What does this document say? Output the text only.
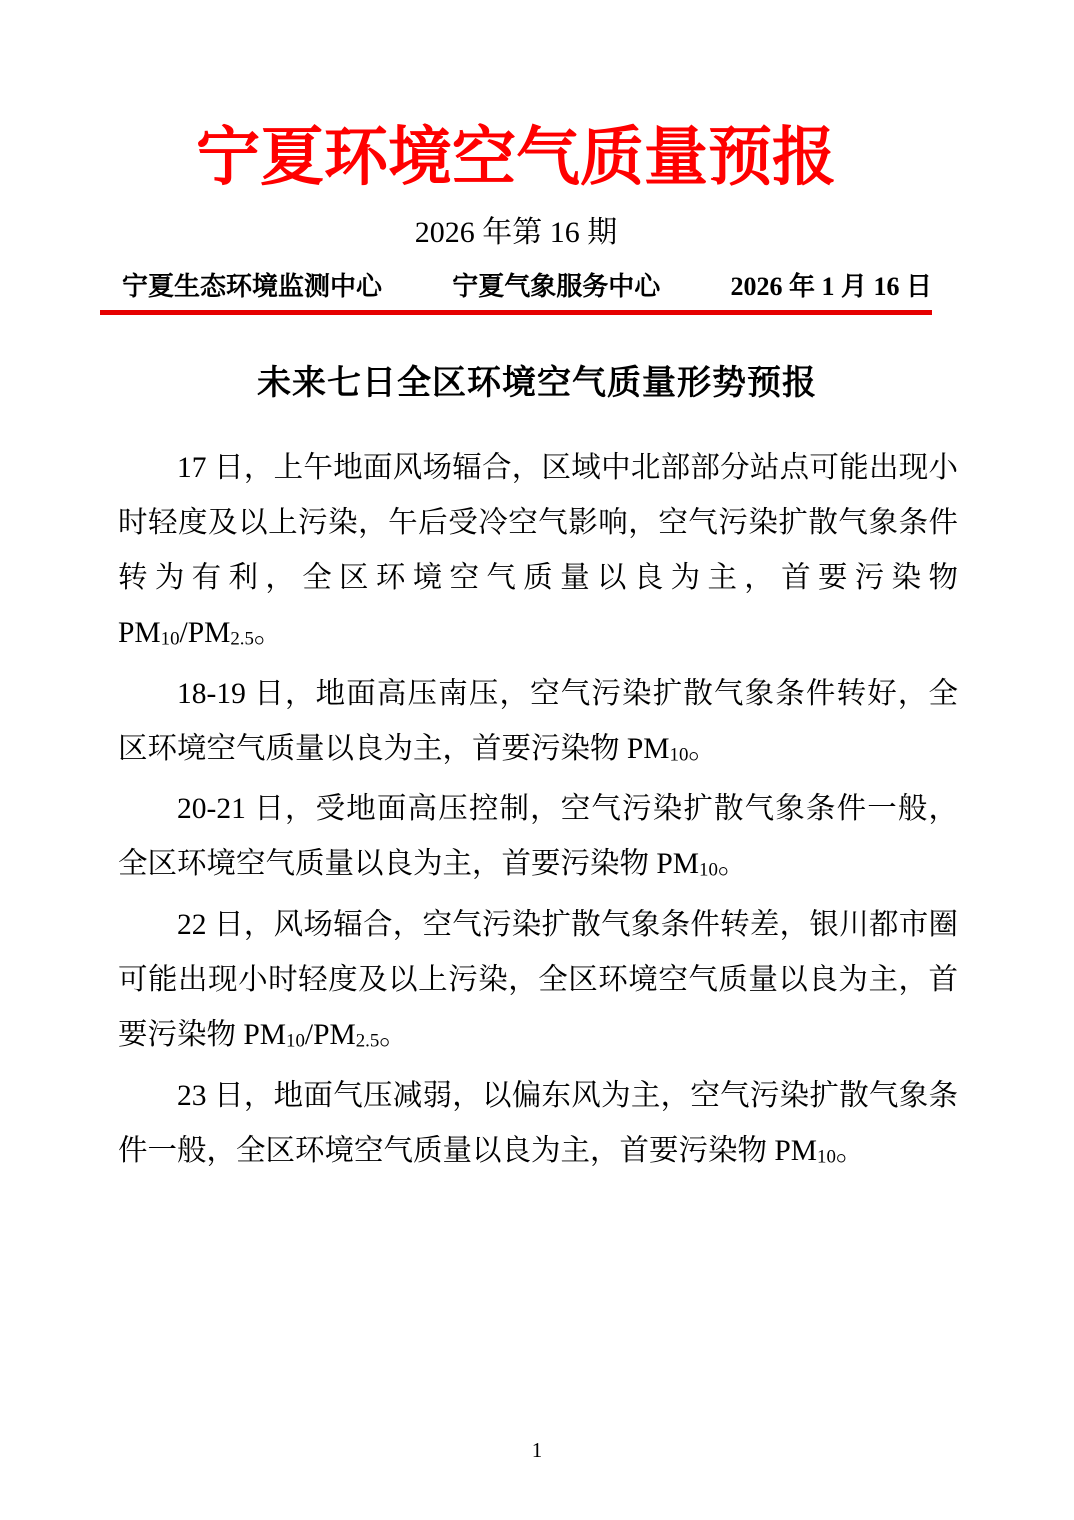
宁夏环境空气质量预报
2026 年第 16 期
宁夏生态环境监测中心	宁夏气象服务中心	2026 年 1 月 16 日
未来七日全区环境空气质量形势预报

17 日，上午地面风场辐合，区域中北部部分站点可能出现小时轻度及以上污染，午后受冷空气影响，空气污染扩散气象条件转为有利，全区环境空气质量以良为主，首要污染物 PM10/PM2.5。

18-19 日，地面高压南压，空气污染扩散气象条件转好，全区环境空气质量以良为主，首要污染物 PM10。

20-21 日，受地面高压控制，空气污染扩散气象条件一般，全区环境空气质量以良为主，首要污染物 PM10。

22 日，风场辐合，空气污染扩散气象条件转差，银川都市圈可能出现小时轻度及以上污染，全区环境空气质量以良为主，首要污染物 PM10/PM2.5。

23 日，地面气压减弱，以偏东风为主，空气污染扩散气象条件一般，全区环境空气质量以良为主，首要污染物 PM10。

1
